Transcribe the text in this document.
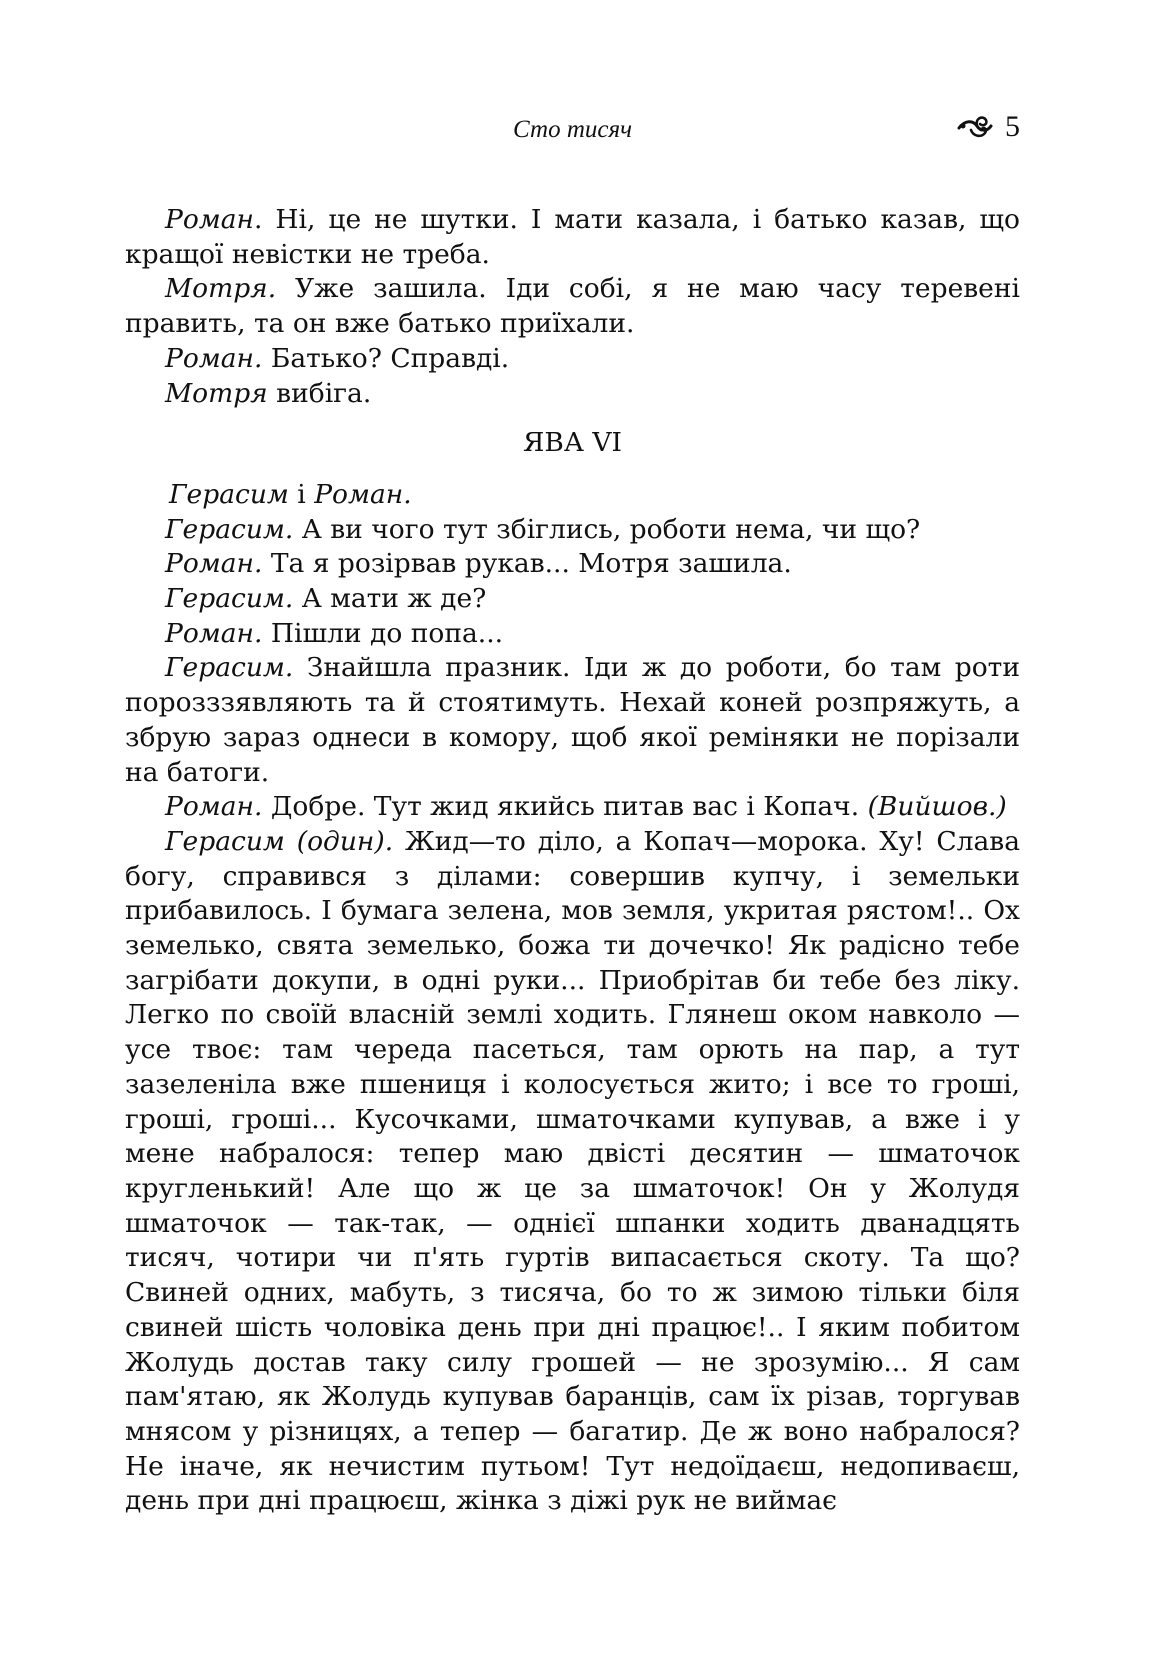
Сто тисяч	5

Роман. Ні, це не шутки. І мати казала, і батько казав, що кращої невістки не треба.

Мотря. Уже зашила. Іди собі, я не маю часу теревені править, та он вже батько приїхали.

Роман. Батько? Справді.

Мотря вибіга.

ЯВА VI

Герасим і Роман.

Герасим. А ви чого тут збіглись, роботи нема, чи що?

Роман. Та я розірвав рукав... Мотря зашила.

Герасим. А мати ж де?

Роман. Пішли до попа...

Герасим. Знайшла празник. Іди ж до роботи, бо там роти порозззявляють та й стоятимуть. Нехай коней розпряжуть, а збрую зараз однеси в комору, щоб якої реміняки не порізали на батоги.

Роман. Добре. Тут жид якийсь питав вас і Копач. (Вийшов.)

Герасим (один). Жид—то діло, а Копач—морока. Ху! Слава богу, справився з ділами: совершив купчу, і земельки прибавилось. І бумага зелена, мов земля, укритая рястом!.. Ох земелько, свята земелько, божа ти дочечко! Як радісно тебе загрібати докупи, в одні руки... Приобрітав би тебе без ліку. Легко по своїй власній землі ходить. Глянеш оком навколо — усе твоє: там череда пасеться, там орють на пар, а тут зазеленіла вже пшениця і колосується жито; і все то гроші, гроші, гроші... Кусочками, шматочками купував, а вже і у мене набралося: тепер маю двісті десятин — шматочок кругленький! Але що ж це за шматочок! Он у Жолудя шматочок — так-так, — однієї шпанки ходить дванадцять тисяч, чотири чи п'ять гуртів випасається скоту. Та що? Свиней одних, мабуть, з тисяча, бо то ж зимою тільки біля свиней шість чоловіка день при дні працює!.. І яким побитом Жолудь достав таку силу грошей — не зрозумію... Я сам пам'ятаю, як Жолудь купував баранців, сам їх різав, торгував мнясом у різницях, а тепер — багатир. Де ж воно набралося? Не іначе, як нечистим путьом! Тут недоїдаєш, недопиваєш, день при дні працюєш, жінка з діжі рук не виймає
